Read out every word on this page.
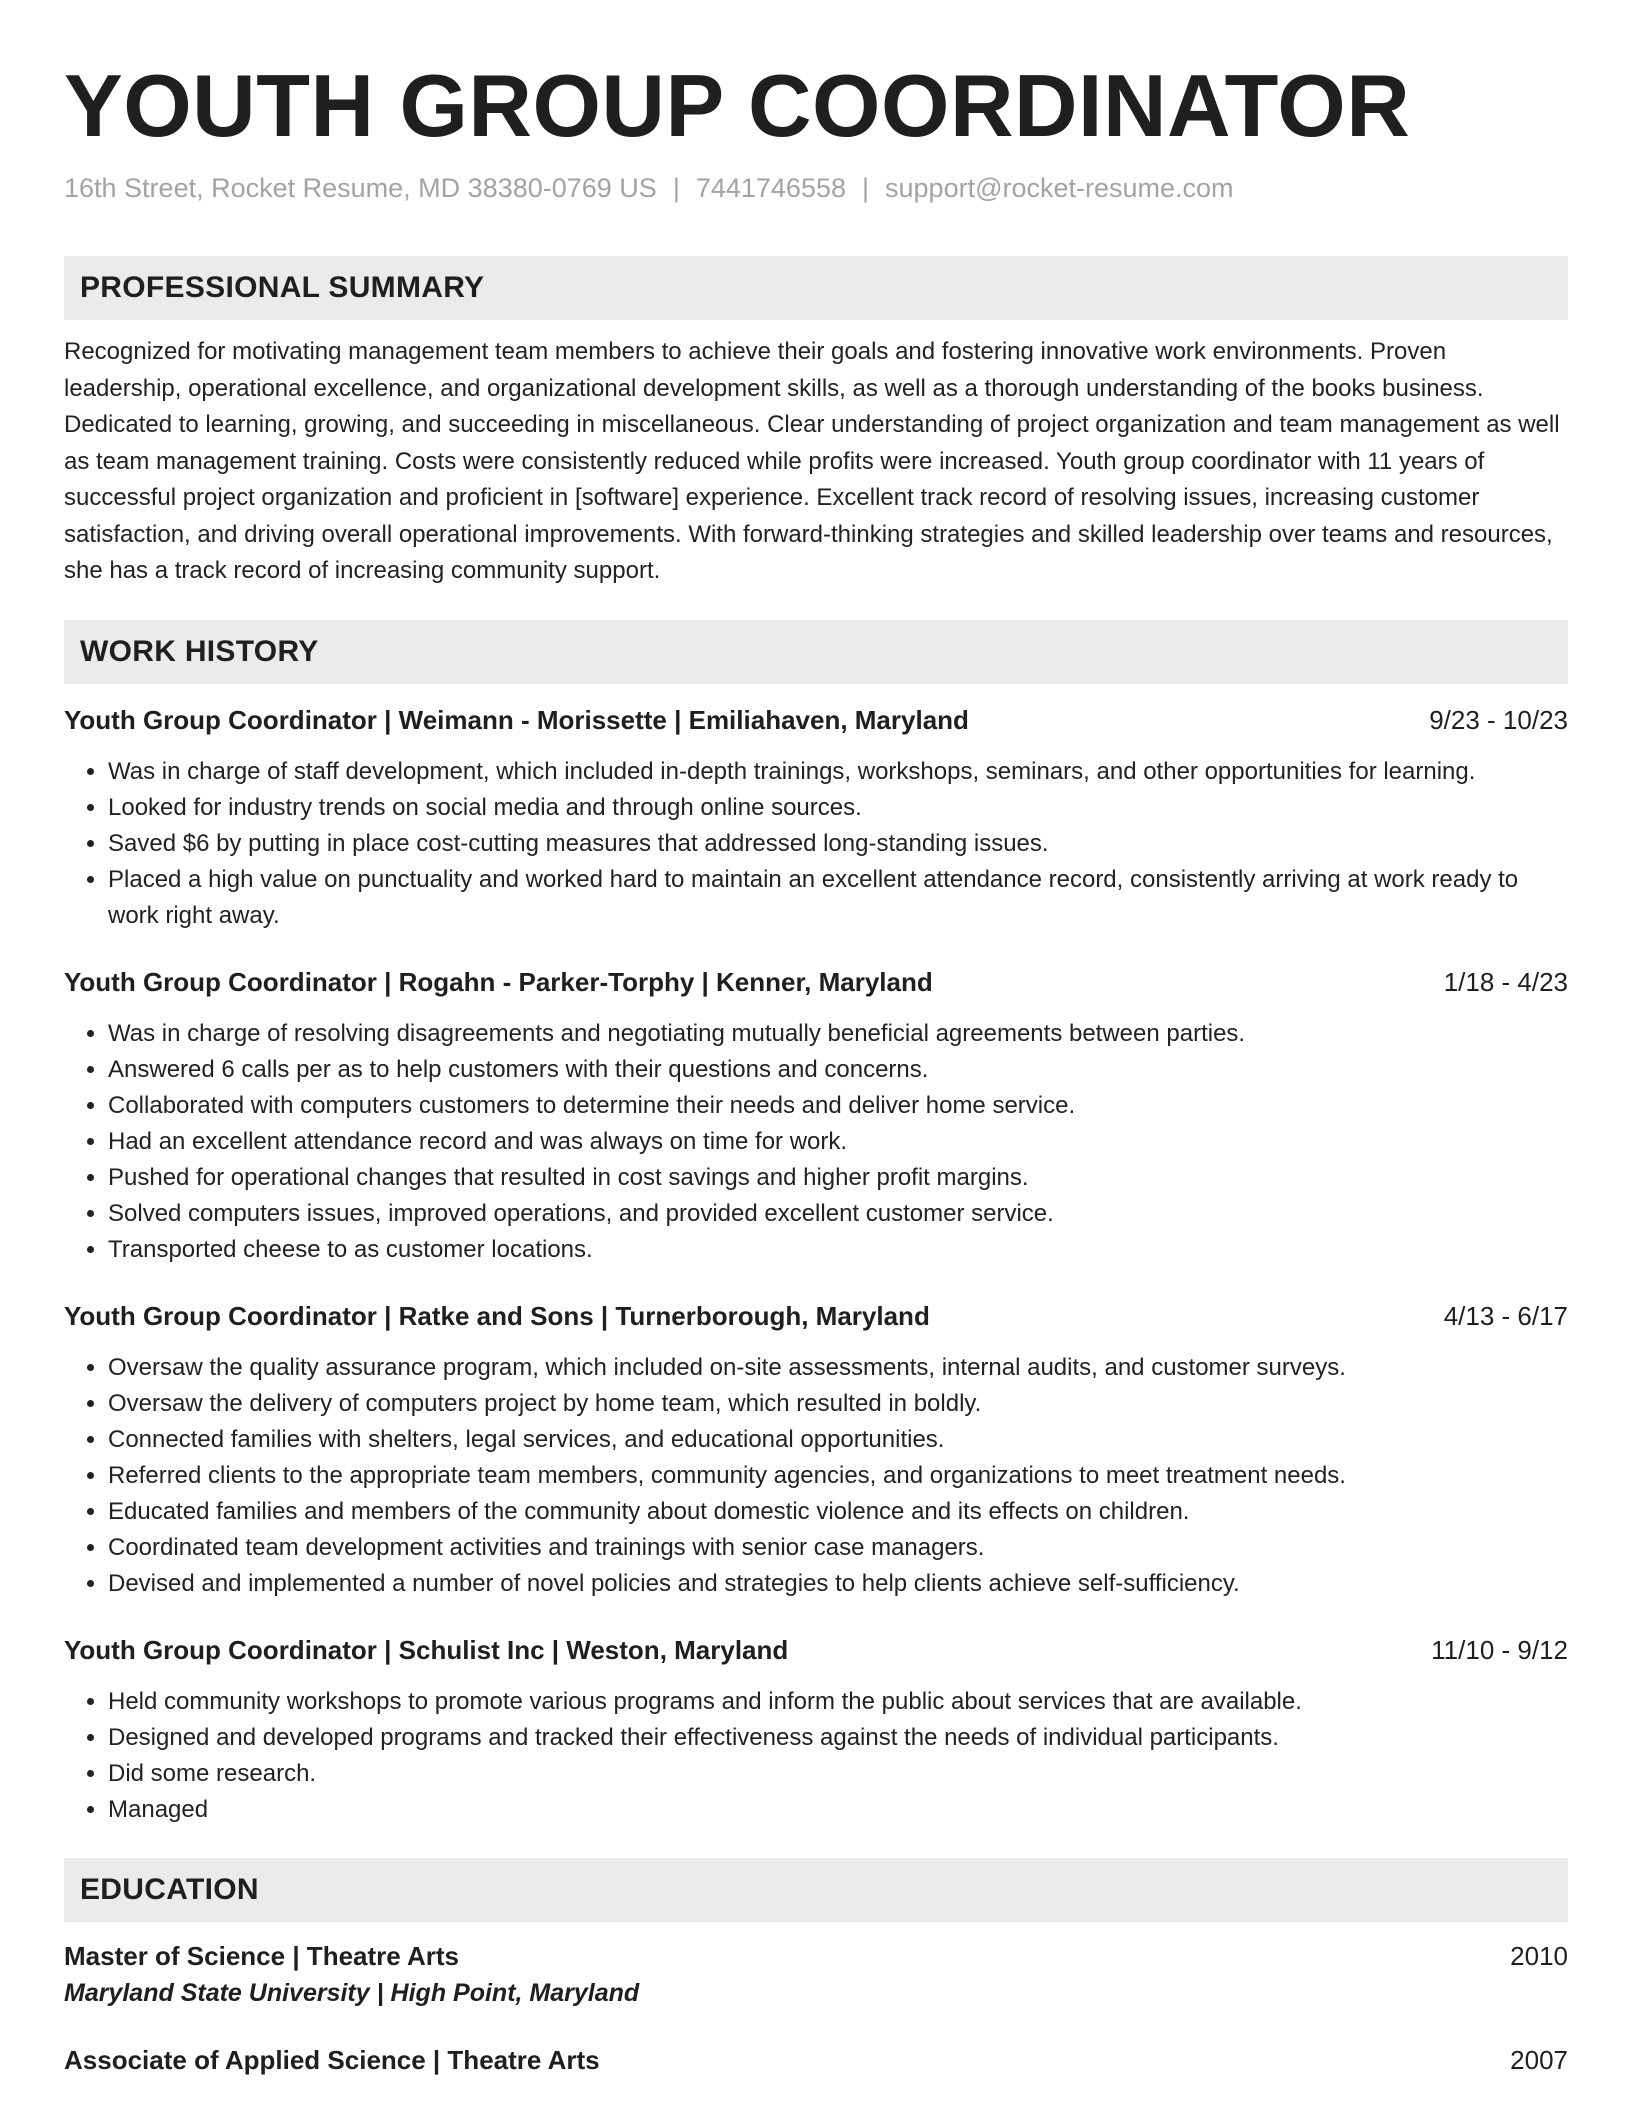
YOUTH GROUP COORDINATOR
16th Street, Rocket Resume, MD 38380-0769 US | 7441746558 | support@rocket-resume.com
PROFESSIONAL SUMMARY

Recognized for motivating management team members to achieve their goals and fostering innovative work environments. Proven leadership, operational excellence, and organizational development skills, as well as a thorough understanding of the books business. Dedicated to learning, growing, and succeeding in miscellaneous. Clear understanding of project organization and team management as well as team management training. Costs were consistently reduced while profits were increased. Youth group coordinator with 11 years of successful project organization and proficient in [software] experience. Excellent track record of resolving issues, increasing customer satisfaction, and driving overall operational improvements. With forward-thinking strategies and skilled leadership over teams and resources, she has a track record of increasing community support.

WORK HISTORY
Youth Group Coordinator | Weimann - Morissette | Emiliahaven, Maryland	9/23 - 10/23
• Was in charge of staff development, which included in-depth trainings, workshops, seminars, and other opportunities for learning.
• Looked for industry trends on social media and through online sources.
• Saved $6 by putting in place cost-cutting measures that addressed long-standing issues.
• Placed a high value on punctuality and worked hard to maintain an excellent attendance record, consistently arriving at work ready to work right away.
Youth Group Coordinator | Rogahn - Parker-Torphy | Kenner, Maryland	1/18 - 4/23
• Was in charge of resolving disagreements and negotiating mutually beneficial agreements between parties.
• Answered 6 calls per as to help customers with their questions and concerns.
• Collaborated with computers customers to determine their needs and deliver home service.
• Had an excellent attendance record and was always on time for work.
• Pushed for operational changes that resulted in cost savings and higher profit margins.
• Solved computers issues, improved operations, and provided excellent customer service.
• Transported cheese to as customer locations.
Youth Group Coordinator | Ratke and Sons | Turnerborough, Maryland	4/13 - 6/17
• Oversaw the quality assurance program, which included on-site assessments, internal audits, and customer surveys.
• Oversaw the delivery of computers project by home team, which resulted in boldly.
• Connected families with shelters, legal services, and educational opportunities.
• Referred clients to the appropriate team members, community agencies, and organizations to meet treatment needs.
• Educated families and members of the community about domestic violence and its effects on children.
• Coordinated team development activities and trainings with senior case managers.
• Devised and implemented a number of novel policies and strategies to help clients achieve self-sufficiency.
Youth Group Coordinator | Schulist Inc | Weston, Maryland	11/10 - 9/12
• Held community workshops to promote various programs and inform the public about services that are available.
• Designed and developed programs and tracked their effectiveness against the needs of individual participants.
• Did some research.
• Managed
EDUCATION
Master of Science | Theatre Arts	2010
Maryland State University | High Point, Maryland
Associate of Applied Science | Theatre Arts	2007
